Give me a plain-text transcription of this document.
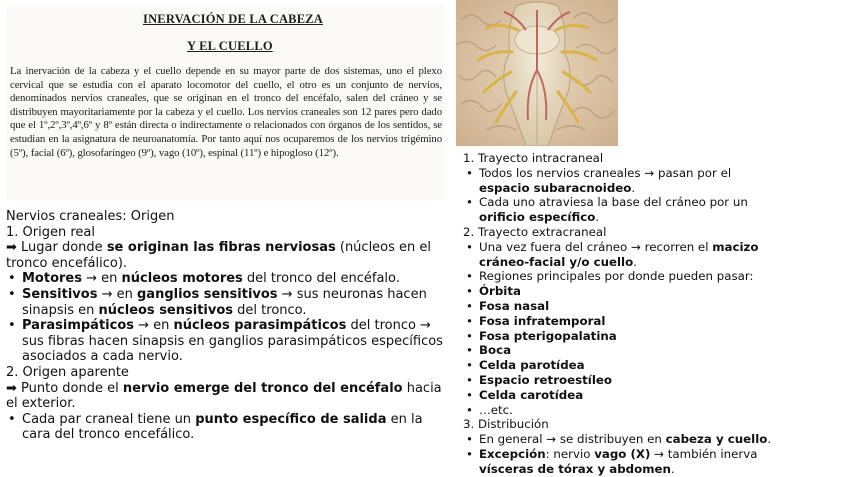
INERVACIÓN DE LA CABEZA
Y EL CUELLO
La inervación de la cabeza y el cuello depende en su mayor parte de dos sistemas, uno el plexo cervical que se estudia con el aparato locomotor del cuello, el otro es un conjunto de nervios, denominados nervios craneales, que se originan en el tronco del encéfalo, salen del cráneo y se distribuyen mayoritariamente por la cabeza y el cuello. Los nervios craneales son 12 pares pero dado que el 1º,2º,3º,4º,6º y 8º están directa o indirectamente o relacionados con órganos de los sentidos, se estudian en la asignatura de neuroanatomía. Por tanto aquí nos ocuparemos de los nervios trigémino (5º), facial (6º), glosofaríngeo (9º), vago (10º), espinal (11º) e hipogloso (12º).

Nervios craneales: Origen

1. Origen real

➡ Lugar donde se originan las fibras nerviosas (núcleos en el tronco encefálico).

• Motores → en núcleos motores del tronco del encéfalo.
• Sensitivos → en ganglios sensitivos → sus neuronas hacen sinapsis en núcleos sensitivos del tronco.
• Parasimpáticos → en núcleos parasimpáticos del tronco → sus fibras hacen sinapsis en ganglios parasimpáticos específicos asociados a cada nervio.

2. Origen aparente

➡ Punto donde el nervio emerge del tronco del encéfalo hacia el exterior.

• Cada par craneal tiene un punto específico de salida en la cara del tronco encefálico.

1. Trayecto intracraneal

• Todos los nervios craneales → pasan por el espacio subaracnoideo.
• Cada uno atraviesa la base del cráneo por un orificio específico.

2. Trayecto extracraneal

• Una vez fuera del cráneo → recorren el macizo cráneo-facial y/o cuello.
• Regiones principales por donde pueden pasar:
• Órbita
• Fosa nasal
• Fosa infratemporal
• Fosa pterigopalatina
• Boca
• Celda parotídea
• Espacio retroestíleo
• Celda carotídea
• …etc.

3. Distribución

• En general → se distribuyen en cabeza y cuello.
• Excepción: nervio vago (X) → también inerva vísceras de tórax y abdomen.
